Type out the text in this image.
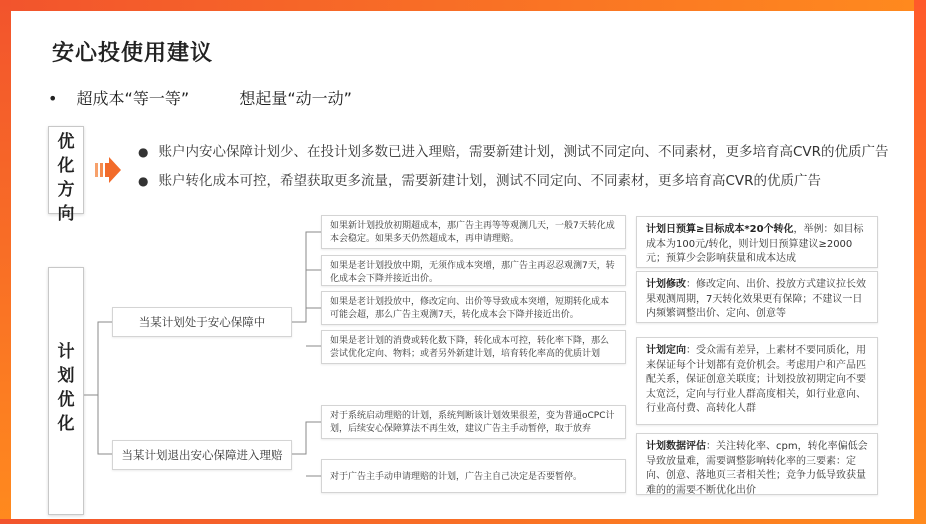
安心投使用建议
• 超成本“等一等”	想起量“动一动”
优
化
方
向
● 账户内安心保障计划少、在投计划多数已进入理赔，需要新建计划，测试不同定向、不同素材，更多培育高CVR的优质广告
● 账户转化成本可控，希望获取更多流量，需要新建计划，测试不同定向、不同素材，更多培育高CVR的优质广告
计
划
优
化
当某计划处于安心保障中
当某计划退出安心保障进入理赔
如果新计划投放初期超成本，那广告主再等等观测几天，一般7天转化成本会稳定。如果多天仍然超成本，再申请理赔。
如果是老计划投放中期，无须作成本突增，那广告主再忍忍观测7天，转化成本会下降并接近出价。
如果是老计划投放中，修改定向、出价等导致成本突增，短期转化成本可能会超，那么广告主观测7天，转化成本会下降并接近出价。
如果是老计划的消费或转化数下降，转化成本可控，转化率下降，那么尝试优化定向、物料；或者另外新建计划，培育转化率高的优质计划
对于系统启动理赔的计划，系统判断该计划效果很差，变为普通oCPC计划，后续安心保障算法不再生效，建议广告主手动暂停，取于放弃
对于广告主手动申请理赔的计划，广告主自己决定是否要暂停。
计划日预算≥目标成本*20个转化，举例：如目标成本为100元/转化，则计划日预算建议≥2000元；预算少会影响获量和成本达成
计划修改：修改定向、出价、投放方式建议拉长效果观测周期，7天转化效果更有保障；不建议一日内频繁调整出价、定向、创意等
计划定向：受众需有差异，上素材不要同质化，用来保证每个计划都有竞价机会。考虑用户和产品匹配关系，保证创意关联度；计划投放初期定向不要太宽泛，定向与行业人群高度相关，如行业意向、行业高付费、高转化人群
计划数据评估：关注转化率、cpm，转化率偏低会导致放量难，需要调整影响转化率的三要素：定向、创意、落地页三者相关性；竞争力低导致获量难的的需要不断优化出价
